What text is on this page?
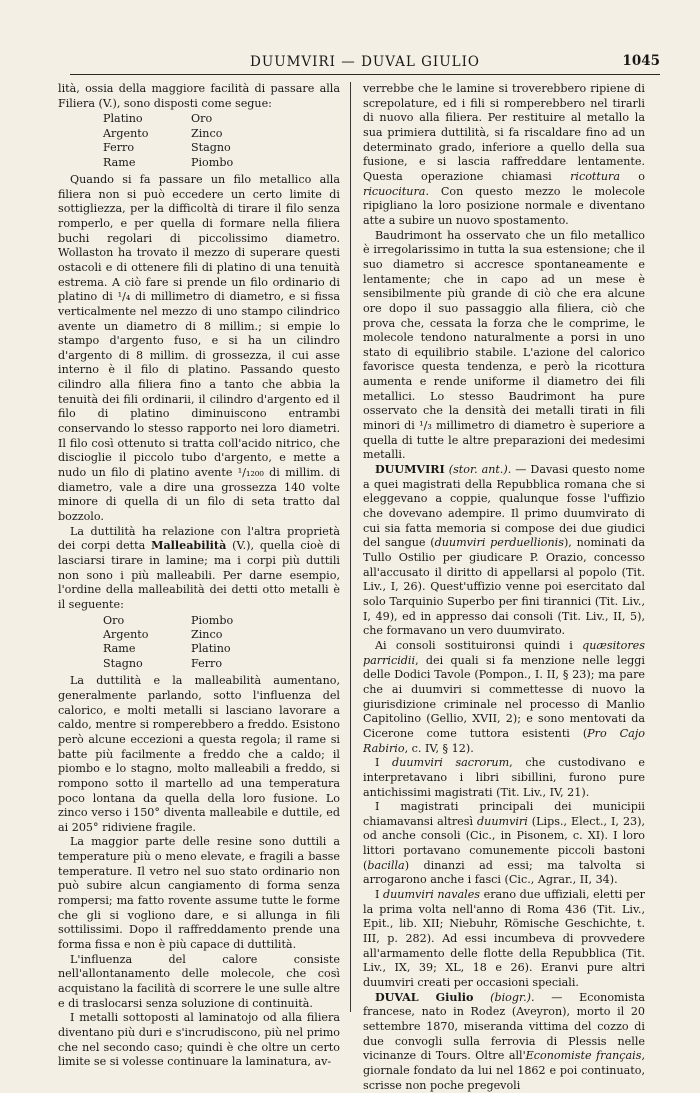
DUUMVIRI — DUVAL GIULIO	1045

lità, ossia della maggiore facilità di passare alla Filiera (V.), sono disposti come segue:

Platino	Oro
Argento	Zinco
Ferro	Stagno
Rame	Piombo

Quando si fa passare un filo metallico alla filiera non si può eccedere un certo limite di sottigliezza, per la difficoltà di tirare il filo senza romperlo, e per quella di formare nella filiera buchi regolari di piccolissimo diametro. Wollaston ha trovato il mezzo di superare questi ostacoli e di ottenere fili di platino di una tenuità estrema. A ciò fare si prende un filo ordinario di platino di ¹/₄ di millimetro di diametro, e si fissa verticalmente nel mezzo di uno stampo cilindrico avente un diametro di 8 millim.; si empie lo stampo d'argento fuso, e si ha un cilindro d'argento di 8 millim. di grossezza, il cui asse interno è il filo di platino. Passando questo cilindro alla filiera fino a tanto che abbia la tenuità dei fili ordinarii, il cilindro d'argento ed il filo di platino diminuiscono entrambi conservando lo stesso rapporto nei loro diametri. Il filo così ottenuto si tratta coll'acido nitrico, che discioglie il piccolo tubo d'argento, e mette a nudo un filo di platino avente ¹/₁₂₀₀ di millim. di diametro, vale a dire una grossezza 140 volte minore di quella di un filo di seta tratto dal bozzolo.

La duttilità ha relazione con l'altra proprietà dei corpi detta Malleabilità (V.), quella cioè di lasciarsi tirare in lamine; ma i corpi più duttili non sono i più malleabili. Per darne esempio, l'ordine della malleabilità dei detti otto metalli è il seguente:

Oro	Piombo
Argento	Zinco
Rame	Platino
Stagno	Ferro

La duttilità e la malleabilità aumentano, generalmente parlando, sotto l'influenza del calorico, e molti metalli si lasciano lavorare a caldo, mentre si romperebbero a freddo. Esistono però alcune eccezioni a questa regola; il rame si batte più facilmente a freddo che a caldo; il piombo e lo stagno, molto malleabili a freddo, si rompono sotto il martello ad una temperatura poco lontana da quella della loro fusione. Lo zinco verso i 150° diventa malleabile e duttile, ed ai 205° ridiviene fragile.

La maggior parte delle resine sono duttili a temperature più o meno elevate, e fragili a basse temperature. Il vetro nel suo stato ordinario non può subire alcun cangiamento di forma senza rompersi; ma fatto rovente assume tutte le forme che gli si vogliono dare, e si allunga in fili sottilissimi. Dopo il raffreddamento prende una forma fissa e non è più capace di duttilità.

L'influenza del calore consiste nell'allontanamento delle molecole, che così acquistano la facilità di scorrere le une sulle altre e di traslocarsi senza soluzione di continuità.

I metalli sottoposti al laminatojo od alla filiera diventano più duri e s'incrudiscono, più nel primo che nel secondo caso; quindi è che oltre un certo limite se si volesse continuare la laminatura, av-

verrebbe che le lamine si troverebbero ripiene di screpolature, ed i fili si romperebbero nel tirarli di nuovo alla filiera. Per restituire al metallo la sua primiera duttilità, si fa riscaldare fino ad un determinato grado, inferiore a quello della sua fusione, e si lascia raffreddare lentamente. Questa operazione chiamasi ricottura o ricuocitura. Con questo mezzo le molecole ripigliano la loro posizione normale e diventano atte a subire un nuovo spostamento.

Baudrimont ha osservato che un filo metallico è irregolarissimo in tutta la sua estensione; che il suo diametro si accresce spontaneamente e lentamente; che in capo ad un mese è sensibilmente più grande di ciò che era alcune ore dopo il suo passaggio alla filiera, ciò che prova che, cessata la forza che le comprime, le molecole tendono naturalmente a porsi in uno stato di equilibrio stabile. L'azione del calorico favorisce questa tendenza, e però la ricottura aumenta e rende uniforme il diametro dei fili metallici. Lo stesso Baudrimont ha pure osservato che la densità dei metalli tirati in fili minori di ¹/₃ millimetro di diametro è superiore a quella di tutte le altre preparazioni dei medesimi metalli.

DUUMVIRI (stor. ant.). — Davasi questo nome a quei magistrati della Repubblica romana che si eleggevano a coppie, qualunque fosse l'uffizio che dovevano adempire. Il primo duumvirato di cui sia fatta memoria si compose dei due giudici del sangue (duumviri perduellionis), nominati da Tullo Ostilio per giudicare P. Orazio, concesso all'accusato il diritto di appellarsi al popolo (Tit. Liv., I, 26). Quest'uffizio venne poi esercitato dal solo Tarquinio Superbo per fini tirannici (Tit. Liv., I, 49), ed in appresso dai consoli (Tit. Liv., II, 5), che formavano un vero duumvirato.

Ai consoli sostituironsi quindi i quæsitores parricidii, dei quali si fa menzione nelle leggi delle Dodici Tavole (Pompon., I. II, § 23); ma pare che ai duumviri si commettesse di nuovo la giurisdizione criminale nel processo di Manlio Capitolino (Gellio, XVII, 2); e sono mentovati da Cicerone come tuttora esistenti (Pro Cajo Rabirio, c. IV, § 12).

I duumviri sacrorum, che custodivano e interpretavano i libri sibillini, furono pure antichissimi magistrati (Tit. Liv., IV, 21).

I magistrati principali dei municipii chiamavansi altresì duumviri (Lips., Elect., I, 23), od anche consoli (Cic., in Pisonem, c. XI). I loro littori portavano comunemente piccoli bastoni (bacilla) dinanzi ad essi; ma talvolta si arrogarono anche i fasci (Cic., Agrar., II, 34).

I duumviri navales erano due uffiziali, eletti per la prima volta nell'anno di Roma 436 (Tit. Liv., Epit., lib. XII; Niebuhr, Römische Geschichte, t. III, p. 282). Ad essi incumbeva di provvedere all'armamento delle flotte della Repubblica (Tit. Liv., IX, 39; XL, 18 e 26). Eranvi pure altri duumviri creati per occasioni speciali.

DUVAL Giulio (biogr.). — Economista francese, nato in Rodez (Aveyron), morto il 20 settembre 1870, miseranda vittima del cozzo di due convogli sulla ferrovia di Plessis nelle vicinanze di Tours. Oltre all'Economiste français, giornale fondato da lui nel 1862 e poi continuato, scrisse non poche pregevoli
